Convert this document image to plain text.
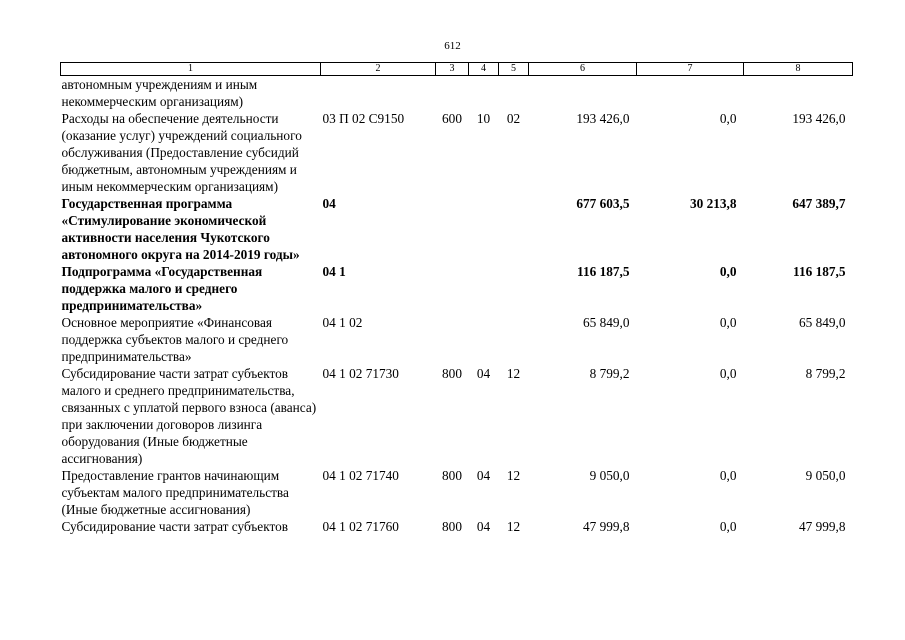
612
1	2	3	4	5	6	7	8
автономным учреждениям и иным некоммерческим организациям)							
Расходы на обеспечение деятельности (оказание услуг) учреждений социального обслуживания (Предоставление субсидий бюджетным, автономным учреждениям и иным некоммерческим организациям)	03 П 02 С9150	600	10	02	193 426,0	0,0	193 426,0
Государственная программа «Стимулирование экономической активности населения Чукотского автономного округа на 2014-2019 годы»	04				677 603,5	30 213,8	647 389,7
Подпрограмма «Государственная поддержка малого и среднего предпринимательства»	04 1				116 187,5	0,0	116 187,5
Основное мероприятие «Финансовая поддержка субъектов малого и среднего предпринимательства»	04 1 02				65 849,0	0,0	65 849,0
Субсидирование части затрат субъектов малого и среднего предпринимательства, связанных с уплатой первого взноса (аванса) при заключении договоров лизинга оборудования (Иные бюджетные ассигнования)	04 1 02 71730	800	04	12	8 799,2	0,0	8 799,2
Предоставление грантов начинающим субъектам малого предпринимательства (Иные бюджетные ассигнования)	04 1 02 71740	800	04	12	9 050,0	0,0	9 050,0
Субсидирование части затрат субъектов	04 1 02 71760	800	04	12	47 999,8	0,0	47 999,8
